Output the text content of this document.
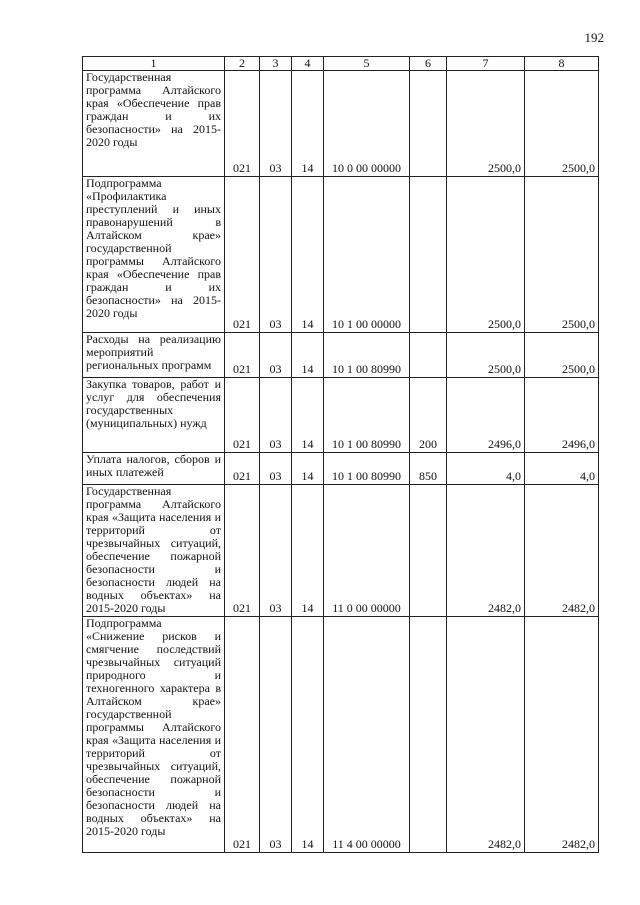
192
1	2	3	4	5	6	7	8
Государственная программа Алтайского края «Обеспечение прав граждан и их безопасности» на 2015-2020 годы	021	03	14	10 0 00 00000		2500,0	2500,0
Подпрограмма «Профилактика преступлений и иных правонарушений в Алтайском крае» государственной программы Алтайского края «Обеспечение прав граждан и их безопасности» на 2015-2020 годы	021	03	14	10 1 00 00000		2500,0	2500,0
Расходы на реализацию мероприятий региональных программ	021	03	14	10 1 00 80990		2500,0	2500,0
Закупка товаров, работ и услуг для обеспечения государственных (муниципальных) нужд	021	03	14	10 1 00 80990	200	2496,0	2496,0
Уплата налогов, сборов и иных платежей	021	03	14	10 1 00 80990	850	4,0	4,0
Государственная программа Алтайского края «Защита населения и территорий от чрезвычайных ситуаций, обеспечение пожарной безопасности и безопасности людей на водных объектах» на 2015-2020 годы	021	03	14	11 0 00 00000		2482,0	2482,0
Подпрограмма «Снижение рисков и смягчение последствий чрезвычайных ситуаций природного и техногенного характера в Алтайском крае» государственной программы Алтайского края «Защита населения и территорий от чрезвычайных ситуаций, обеспечение пожарной безопасности и безопасности людей на водных объектах» на 2015-2020 годы	021	03	14	11 4 00 00000		2482,0	2482,0
